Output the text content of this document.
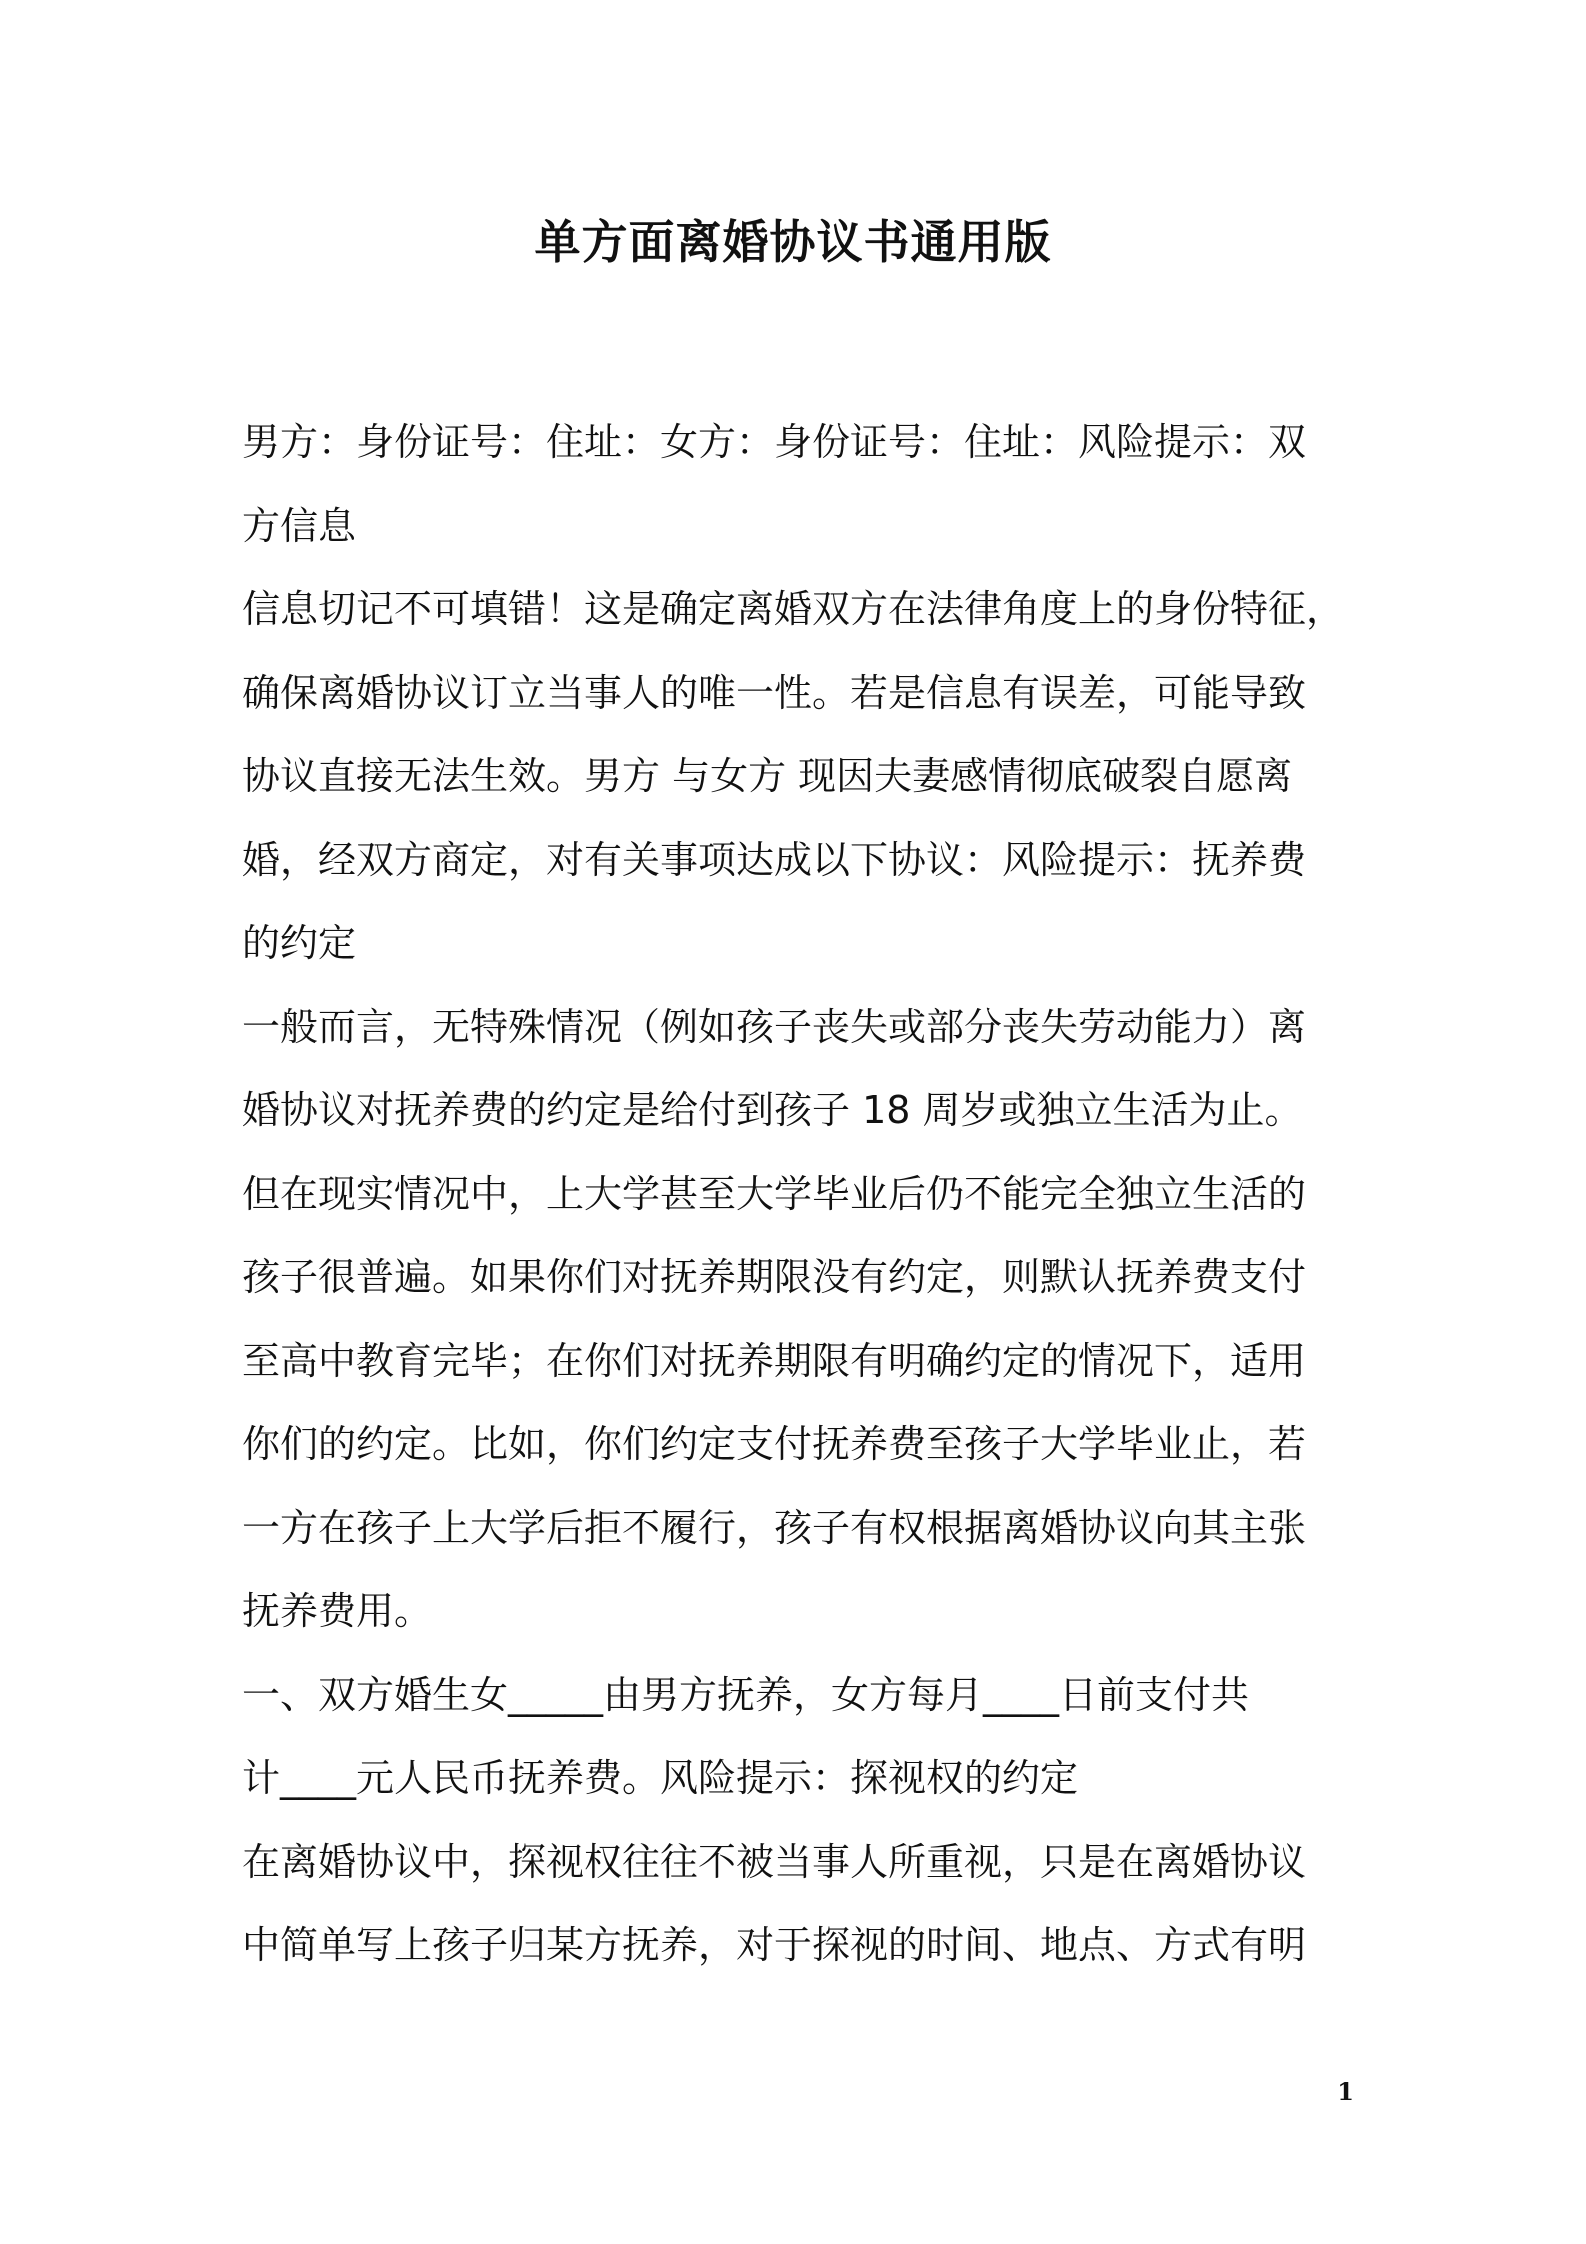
单方面离婚协议书通用版
男方：身份证号：住址：女方：身份证号：住址：风险提示：双
方信息
信息切记不可填错！这是确定离婚双方在法律角度上的身份特征，
确保离婚协议订立当事人的唯一性。若是信息有误差，可能导致
协议直接无法生效。男方 与女方 现因夫妻感情彻底破裂自愿离
婚，经双方商定，对有关事项达成以下协议：风险提示：抚养费
的约定
一般而言，无特殊情况（例如孩子丧失或部分丧失劳动能力）离
婚协议对抚养费的约定是给付到孩子 18 周岁或独立生活为止。
但在现实情况中，上大学甚至大学毕业后仍不能完全独立生活的
孩子很普遍。如果你们对抚养期限没有约定，则默认抚养费支付
至高中教育完毕；在你们对抚养期限有明确约定的情况下，适用
你们的约定。比如，你们约定支付抚养费至孩子大学毕业止，若
一方在孩子上大学后拒不履行，孩子有权根据离婚协议向其主张
抚养费用。
一、双方婚生女_____由男方抚养，女方每月____日前支付共
计____元人民币抚养费。风险提示：探视权的约定
在离婚协议中，探视权往往不被当事人所重视，只是在离婚协议
中简单写上孩子归某方抚养，对于探视的时间、地点、方式有明
1
